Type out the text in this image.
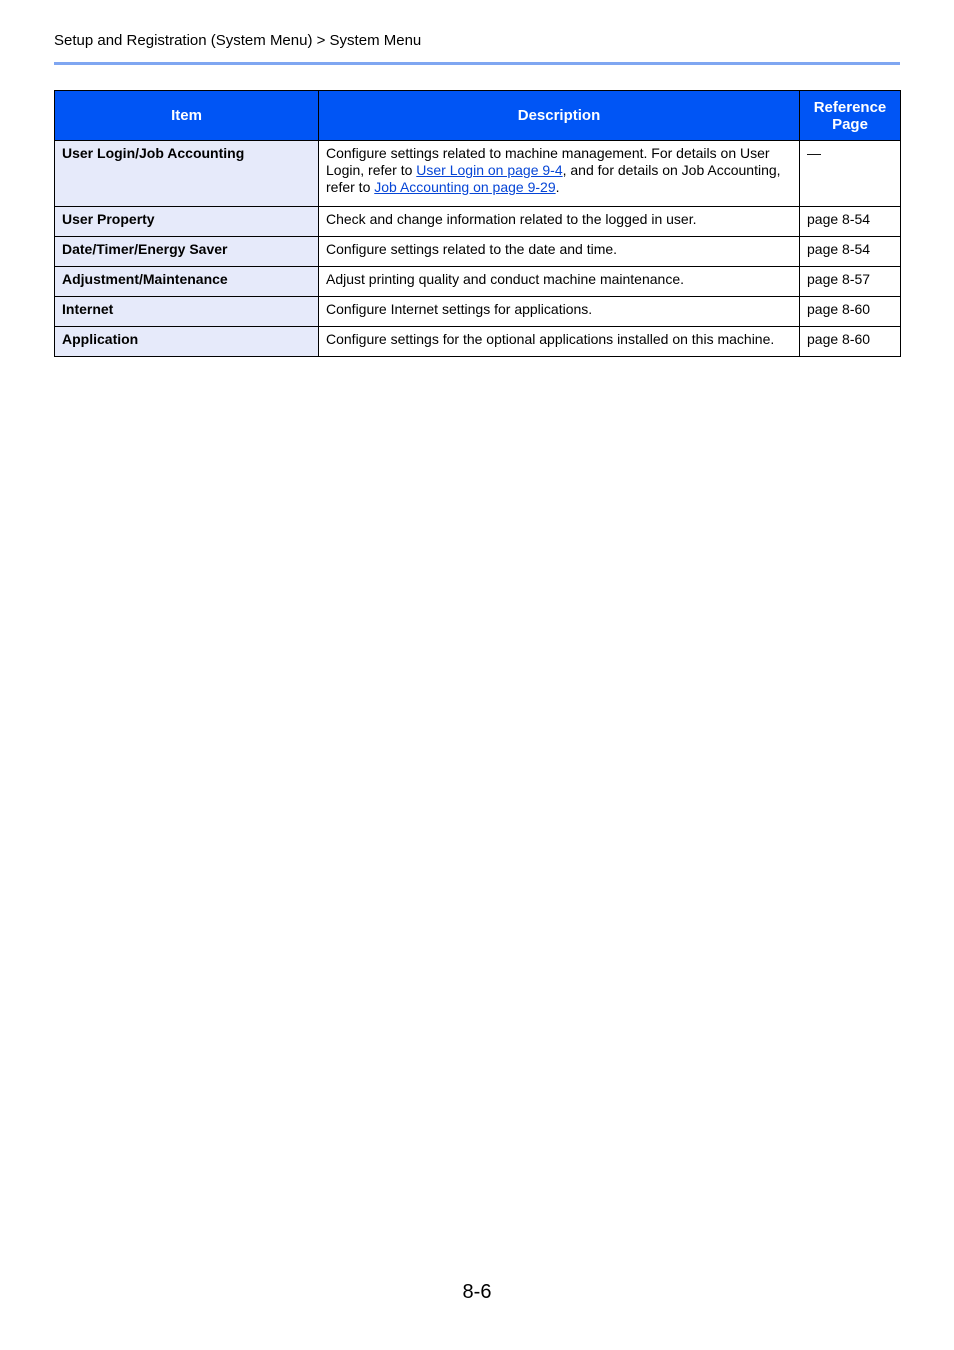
Setup and Registration (System Menu) > System Menu
Item	Description	Reference
Page
User Login/Job Accounting	Configure settings related to machine management. For details on User Login, refer to User Login on page 9-4, and for details on Job Accounting, refer to Job Accounting on page 9-29.	—
User Property	Check and change information related to the logged in user.	page 8-54
Date/Timer/Energy Saver	Configure settings related to the date and time.	page 8-54
Adjustment/Maintenance	Adjust printing quality and conduct machine maintenance.	page 8-57
Internet	Configure Internet settings for applications.	page 8-60
Application	Configure settings for the optional applications installed on this machine.	page 8-60
8-6
